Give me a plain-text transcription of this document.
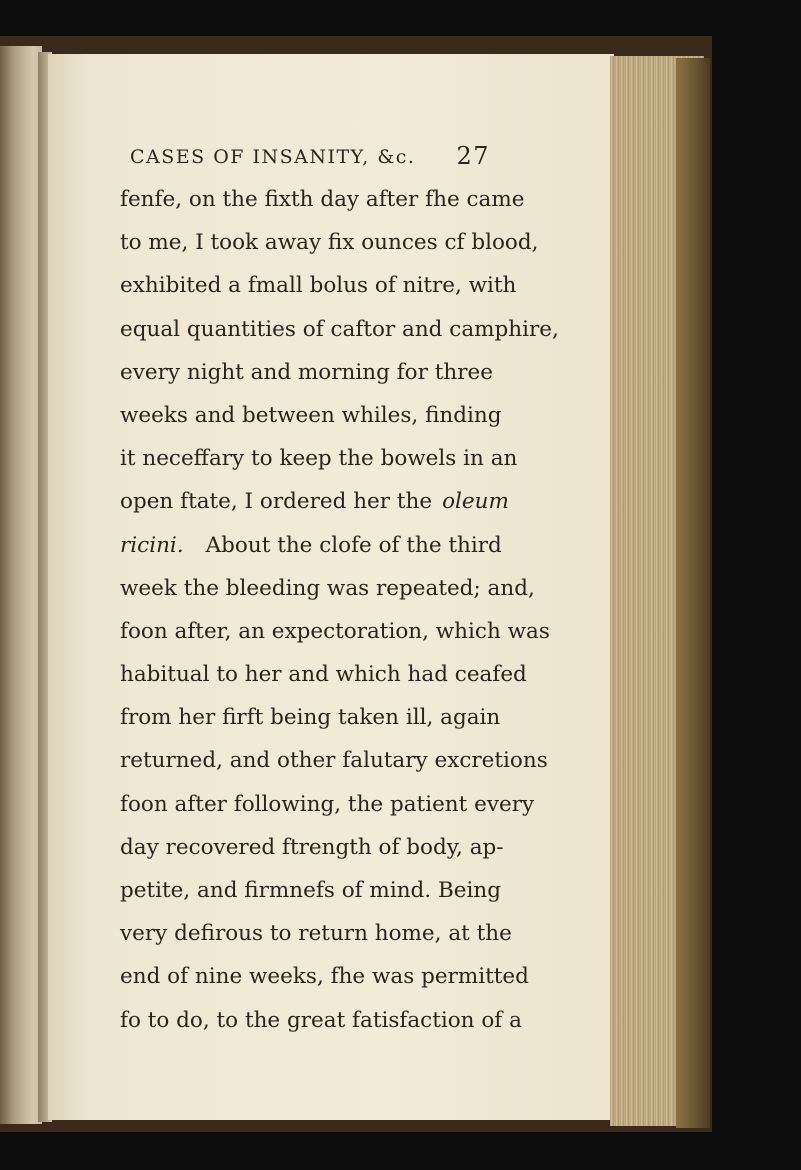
CASES OF INSANITY, &c. 27
fenfe, on the fixth day after fhe came
to me, I took away fix ounces cf blood,
exhibited a fmall bolus of nitre, with
equal quantities of caftor and camphire,
every night and morning for three
weeks and between whiles, finding
it neceffary to keep the bowels in an
open ftate, I ordered her the oleum
ricini. About the clofe of the third
week the bleeding was repeated; and,
foon after, an expectoration, which was
habitual to her and which had ceafed
from her firft being taken ill, again
returned, and other falutary excretions
foon after following, the patient every
day recovered ftrength of body, ap-
petite, and firmnefs of mind. Being
very defirous to return home, at the
end of nine weeks, fhe was permitted
fo to do, to the great fatisfaction of a
